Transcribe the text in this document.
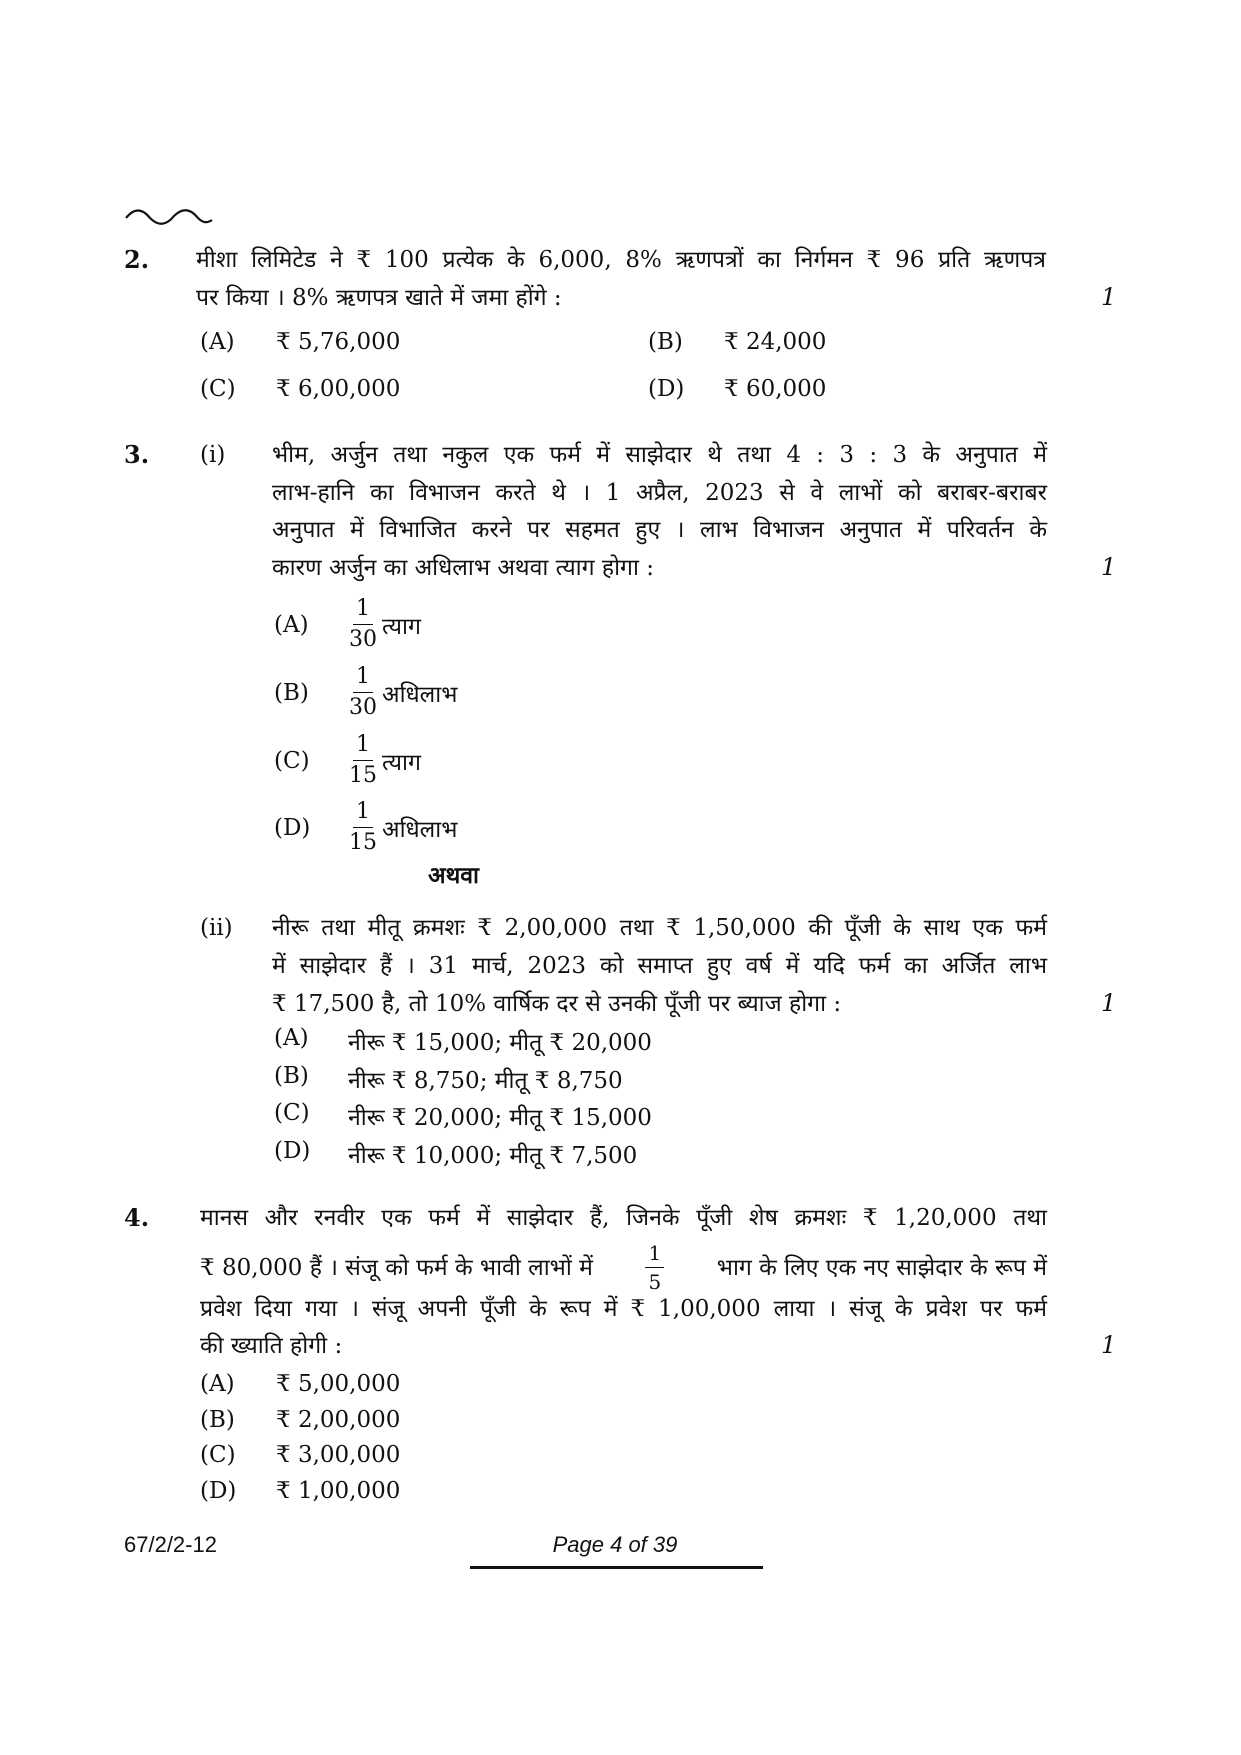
2. मीशा लिमिटेड ने ₹ 100 प्रत्येक के 6,000, 8% ऋणपत्रों का निर्गमन ₹ 96 प्रति ऋणपत्र
पर किया । 8% ऋणपत्र खाते में जमा होंगे :	1
(A) ₹ 5,76,000	(B) ₹ 24,000
(C) ₹ 6,00,000	(D) ₹ 60,000
3. (i) भीम, अर्जुन तथा नकुल एक फर्म में साझेदार थे तथा 4 : 3 : 3 के अनुपात में
लाभ-हानि का विभाजन करते थे । 1 अप्रैल, 2023 से वे लाभों को बराबर-बराबर
अनुपात में विभाजित करने पर सहमत हुए । लाभ विभाजन अनुपात में परिवर्तन के
कारण अर्जुन का अधिलाभ अथवा त्याग होगा :	1
$(A) \frac{1}{30}$ त्याग
$(B) \frac{1}{30}$ अधिलाभ
$(C) \frac{1}{15}$ त्याग
$(D) \frac{1}{15}$ अधिलाभ
अथवा
(ii) नीरू तथा मीतू क्रमशः ₹ 2,00,000 तथा ₹ 1,50,000 की पूँजी के साथ एक फर्म
में साझेदार हैं । 31 मार्च, 2023 को समाप्त हुए वर्ष में यदि फर्म का अर्जित लाभ
₹ 17,500 है, तो 10% वार्षिक दर से उनकी पूँजी पर ब्याज होगा :	1
(A) नीरू ₹ 15,000; मीतू ₹ 20,000
(B) नीरू ₹ 8,750; मीतू ₹ 8,750
(C) नीरू ₹ 20,000; मीतू ₹ 15,000
(D) नीरू ₹ 10,000; मीतू ₹ 7,500
4. मानस और रनवीर एक फर्म में साझेदार हैं, जिनके पूँजी शेष क्रमशः ₹ 1,20,000 तथा
₹ 80,000 हैं । संजू को फर्म के भावी लाभों में	$\frac{1}{5}$ भाग के लिए एक नए साझेदार के रूप में
प्रवेश दिया गया । संजू अपनी पूँजी के रूप में ₹ 1,00,000 लाया । संजू के प्रवेश पर फर्म
की ख्याति होगी :	1
(A) ₹ 5,00,000
(B) ₹ 2,00,000
(C) ₹ 3,00,000
(D) ₹ 1,00,000
67/2/2-12	Page 4 of 39
